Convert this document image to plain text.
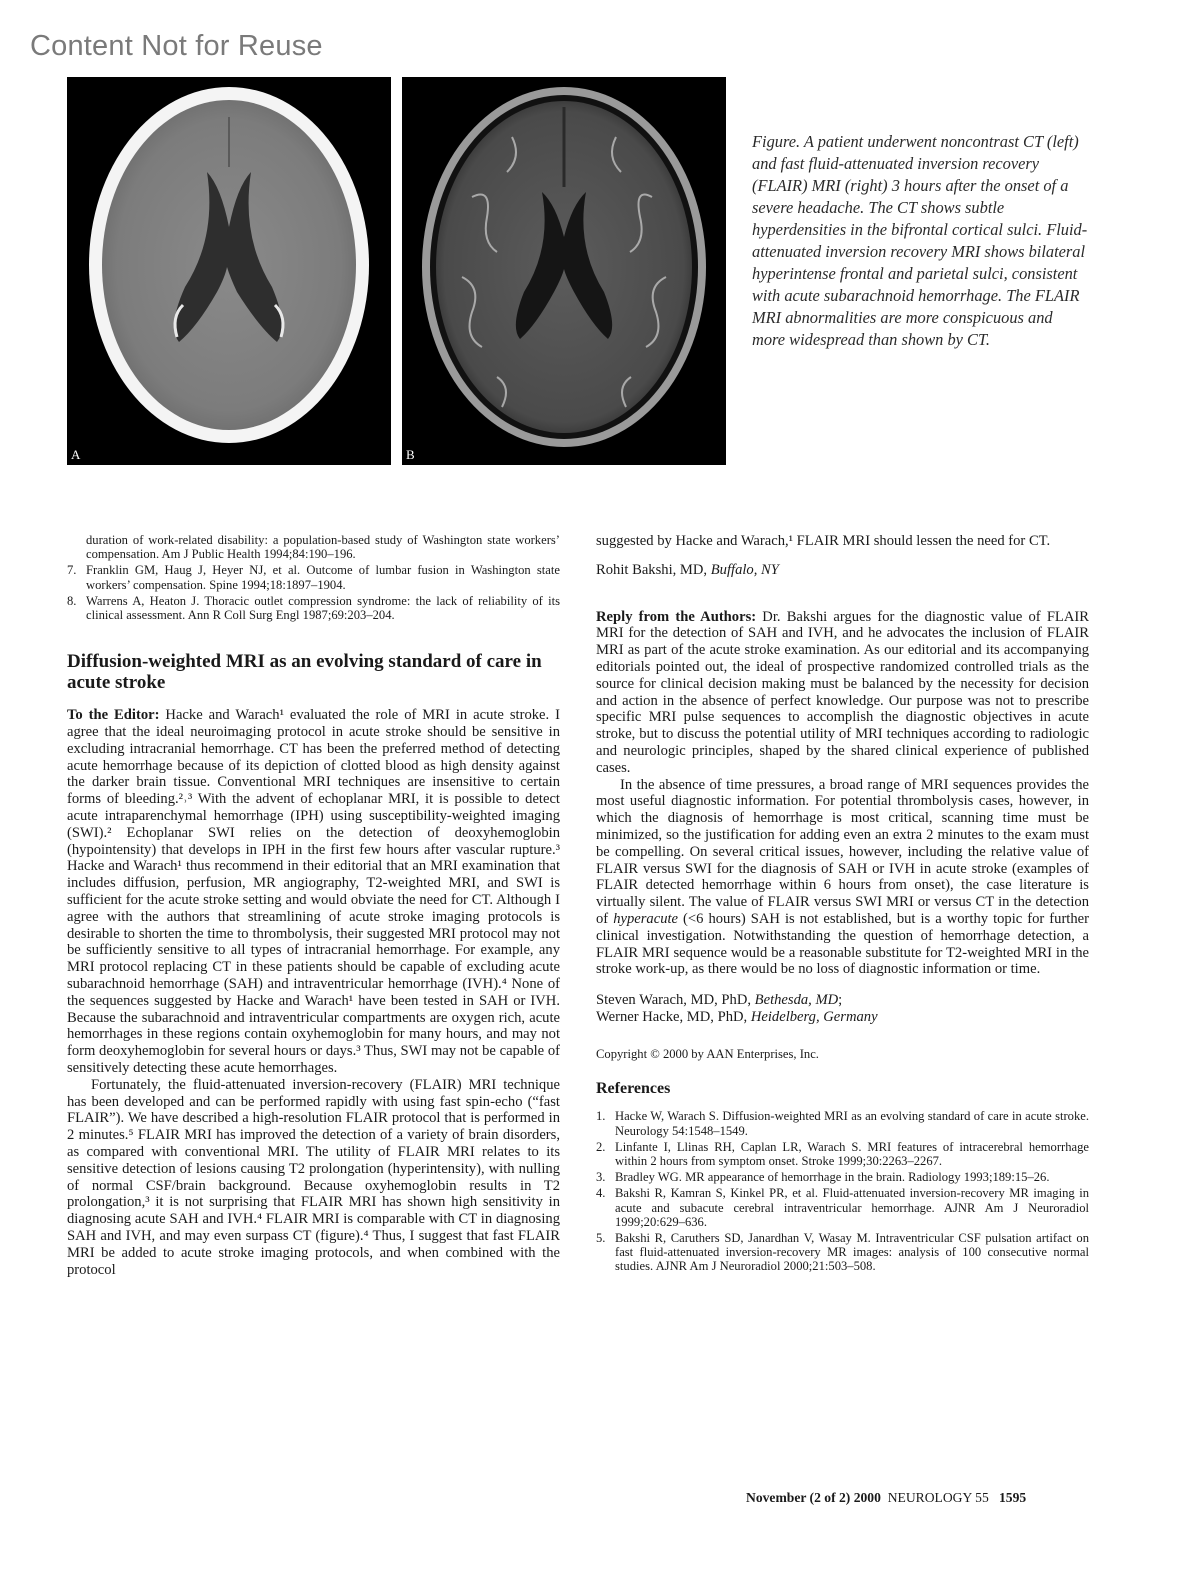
Content Not for Reuse
A	B
Figure. A patient underwent noncontrast CT (left) and fast fluid-attenuated inversion recovery (FLAIR) MRI (right) 3 hours after the onset of a severe headache. The CT shows subtle hyperdensities in the bifrontal cortical sulci. Fluid-attenuated inversion recovery MRI shows bilateral hyperintense frontal and parietal sulci, consistent with acute subarachnoid hemorrhage. The FLAIR MRI abnormalities are more conspicuous and more widespread than shown by CT.
duration of work-related disability: a population-based study of Washington state workers’ compensation. Am J Public Health 1994;84:190–196.
7. Franklin GM, Haug J, Heyer NJ, et al. Outcome of lumbar fusion in Washington state workers’ compensation. Spine 1994;18:1897–1904.
8. Warrens A, Heaton J. Thoracic outlet compression syndrome: the lack of reliability of its clinical assessment. Ann R Coll Surg Engl 1987;69:203–204.
Diffusion-weighted MRI as an evolving standard of care in acute stroke

To the Editor: Hacke and Warach¹ evaluated the role of MRI in acute stroke. I agree that the ideal neuroimaging protocol in acute stroke should be sensitive in excluding intracranial hemorrhage. CT has been the preferred method of detecting acute hemorrhage because of its depiction of clotted blood as high density against the darker brain tissue. Conventional MRI techniques are insensitive to certain forms of bleeding.²˒³ With the advent of echoplanar MRI, it is possible to detect acute intraparenchymal hemorrhage (IPH) using susceptibility-weighted imaging (SWI).² Echoplanar SWI relies on the detection of deoxyhemoglobin (hypointensity) that develops in IPH in the first few hours after vascular rupture.³ Hacke and Warach¹ thus recommend in their editorial that an MRI examination that includes diffusion, perfusion, MR angiography, T2-weighted MRI, and SWI is sufficient for the acute stroke setting and would obviate the need for CT. Although I agree with the authors that streamlining of acute stroke imaging protocols is desirable to shorten the time to thrombolysis, their suggested MRI protocol may not be sufficiently sensitive to all types of intracranial hemorrhage. For example, any MRI protocol replacing CT in these patients should be capable of excluding acute subarachnoid hemorrhage (SAH) and intraventricular hemorrhage (IVH).⁴ None of the sequences suggested by Hacke and Warach¹ have been tested in SAH or IVH. Because the subarachnoid and intraventricular compartments are oxygen rich, acute hemorrhages in these regions contain oxyhemoglobin for many hours, and may not form deoxyhemoglobin for several hours or days.³ Thus, SWI may not be capable of sensitively detecting these acute hemorrhages.

Fortunately, the fluid-attenuated inversion-recovery (FLAIR) MRI technique has been developed and can be performed rapidly with using fast spin-echo (“fast FLAIR”). We have described a high-resolution FLAIR protocol that is performed in 2 minutes.⁵ FLAIR MRI has improved the detection of a variety of brain disorders, as compared with conventional MRI. The utility of FLAIR MRI relates to its sensitive detection of lesions causing T2 prolongation (hyperintensity), with nulling of normal CSF/brain background. Because oxyhemoglobin results in T2 prolongation,³ it is not surprising that FLAIR MRI has shown high sensitivity in diagnosing acute SAH and IVH.⁴ FLAIR MRI is comparable with CT in diagnosing SAH and IVH, and may even surpass CT (figure).⁴ Thus, I suggest that fast FLAIR MRI be added to acute stroke imaging protocols, and when combined with the protocol

suggested by Hacke and Warach,¹ FLAIR MRI should lessen the need for CT.

Rohit Bakshi, MD, Buffalo, NY

Reply from the Authors: Dr. Bakshi argues for the diagnostic value of FLAIR MRI for the detection of SAH and IVH, and he advocates the inclusion of FLAIR MRI as part of the acute stroke examination. As our editorial and its accompanying editorials pointed out, the ideal of prospective randomized controlled trials as the source for clinical decision making must be balanced by the necessity for decision and action in the absence of perfect knowledge. Our purpose was not to prescribe specific MRI pulse sequences to accomplish the diagnostic objectives in acute stroke, but to discuss the potential utility of MRI techniques according to radiologic and neurologic principles, shaped by the shared clinical experience of published cases.

In the absence of time pressures, a broad range of MRI sequences provides the most useful diagnostic information. For potential thrombolysis cases, however, in which the diagnosis of hemorrhage is most critical, scanning time must be minimized, so the justification for adding even an extra 2 minutes to the exam must be compelling. On several critical issues, however, including the relative value of FLAIR versus SWI for the diagnosis of SAH or IVH in acute stroke (examples of FLAIR detected hemorrhage within 6 hours from onset), the case literature is virtually silent. The value of FLAIR versus SWI MRI or versus CT in the detection of hyperacute (<6 hours) SAH is not established, but is a worthy topic for further clinical investigation. Notwithstanding the question of hemorrhage detection, a FLAIR MRI sequence would be a reasonable substitute for T2-weighted MRI in the stroke work-up, as there would be no loss of diagnostic information or time.

Steven Warach, MD, PhD, Bethesda, MD;
Werner Hacke, MD, PhD, Heidelberg, Germany

Copyright © 2000 by AAN Enterprises, Inc.

References
1. Hacke W, Warach S. Diffusion-weighted MRI as an evolving standard of care in acute stroke. Neurology 54:1548–1549.
2. Linfante I, Llinas RH, Caplan LR, Warach S. MRI features of intracerebral hemorrhage within 2 hours from symptom onset. Stroke 1999;30:2263–2267.
3. Bradley WG. MR appearance of hemorrhage in the brain. Radiology 1993;189:15–26.
4. Bakshi R, Kamran S, Kinkel PR, et al. Fluid-attenuated inversion-recovery MR imaging in acute and subacute cerebral intraventricular hemorrhage. AJNR Am J Neuroradiol 1999;20:629–636.
5. Bakshi R, Caruthers SD, Janardhan V, Wasay M. Intraventricular CSF pulsation artifact on fast fluid-attenuated inversion-recovery MR images: analysis of 100 consecutive normal studies. AJNR Am J Neuroradiol 2000;21:503–508.
November (2 of 2) 2000 NEUROLOGY 55 1595
